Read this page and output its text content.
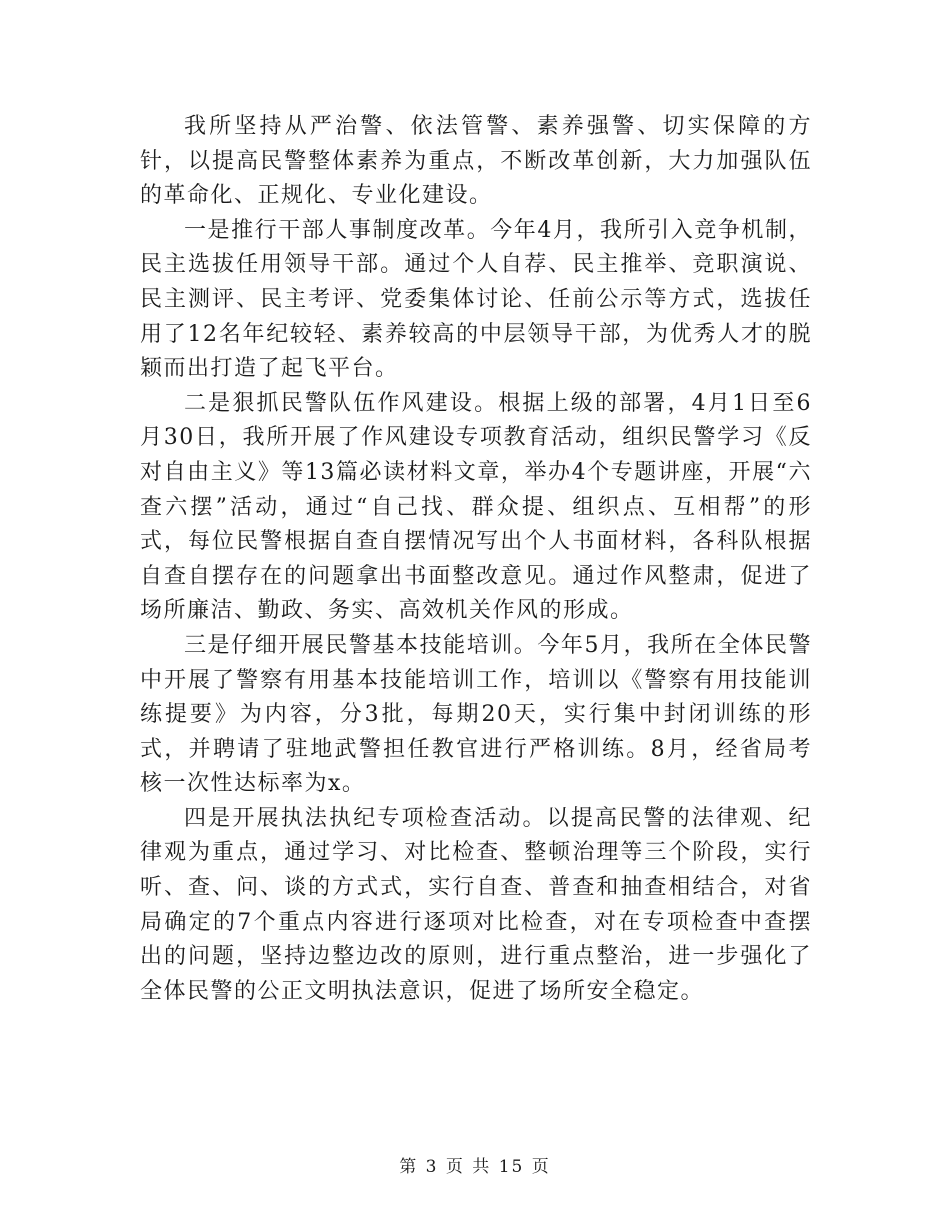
我所坚持从严治警、依法管警、素养强警、切实保障的方针，以提高民警整体素养为重点，不断改革创新，大力加强队伍的革命化、正规化、专业化建设。

一是推行干部人事制度改革。今年4月，我所引入竞争机制，民主选拔任用领导干部。通过个人自荐、民主推举、竞职演说、民主测评、民主考评、党委集体讨论、任前公示等方式，选拔任用了12名年纪较轻、素养较高的中层领导干部，为优秀人才的脱颖而出打造了起飞平台。

二是狠抓民警队伍作风建设。根据上级的部署，4月1日至6月30日，我所开展了作风建设专项教育活动，组织民警学习《反对自由主义》等13篇必读材料文章，举办4个专题讲座，开展“六查六摆”活动，通过“自己找、群众提、组织点、互相帮”的形式，每位民警根据自查自摆情况写出个人书面材料，各科队根据自查自摆存在的问题拿出书面整改意见。通过作风整肃，促进了场所廉洁、勤政、务实、高效机关作风的形成。

三是仔细开展民警基本技能培训。今年5月，我所在全体民警中开展了警察有用基本技能培训工作，培训以《警察有用技能训练提要》为内容，分3批，每期20天，实行集中封闭训练的形式，并聘请了驻地武警担任教官进行严格训练。8月，经省局考核一次性达标率为x。

四是开展执法执纪专项检查活动。以提高民警的法律观、纪律观为重点，通过学习、对比检查、整顿治理等三个阶段，实行听、查、问、谈的方式式，实行自查、普查和抽查相结合，对省局确定的7个重点内容进行逐项对比检查，对在专项检查中查摆出的问题，坚持边整边改的原则，进行重点整治，进一步强化了全体民警的公正文明执法意识，促进了场所安全稳定。

第 3 页 共 15 页
